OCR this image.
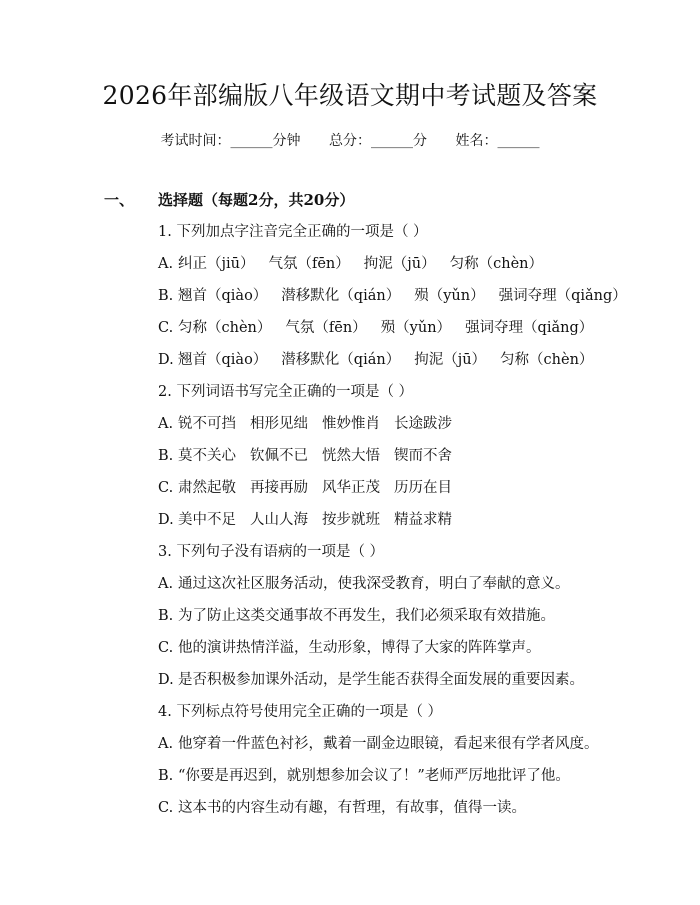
2026年部编版八年级语文期中考试题及答案
考试时间：______分钟 总分：______分 姓名：______
一、 选择题（每题2分，共20分）
1. 下列加点字注音完全正确的一项是（ ）
A. 纠正（jiū） 气氛（fēn） 拘泥（jū） 匀称（chèn）
B. 翘首（qiào） 潜移默化（qián） 殒（yǔn） 强词夺理（qiǎng）
C. 匀称（chèn） 气氛（fēn） 殒（yǔn） 强词夺理（qiǎng）
D. 翘首（qiào） 潜移默化（qián） 拘泥（jū） 匀称（chèn）
2. 下列词语书写完全正确的一项是（ ）
A. 锐不可挡 相形见绌 惟妙惟肖 长途跋涉
B. 莫不关心 钦佩不已 恍然大悟 锲而不舍
C. 肃然起敬 再接再励 风华正茂 历历在目
D. 美中不足 人山人海 按步就班 精益求精
3. 下列句子没有语病的一项是（ ）
A. 通过这次社区服务活动，使我深受教育，明白了奉献的意义。
B. 为了防止这类交通事故不再发生，我们必须采取有效措施。
C. 他的演讲热情洋溢，生动形象，博得了大家的阵阵掌声。
D. 是否积极参加课外活动，是学生能否获得全面发展的重要因素。
4. 下列标点符号使用完全正确的一项是（ ）
A. 他穿着一件蓝色衬衫，戴着一副金边眼镜，看起来很有学者风度。
B. “你要是再迟到，就别想参加会议了！”老师严厉地批评了他。
C. 这本书的内容生动有趣，有哲理，有故事，值得一读。
